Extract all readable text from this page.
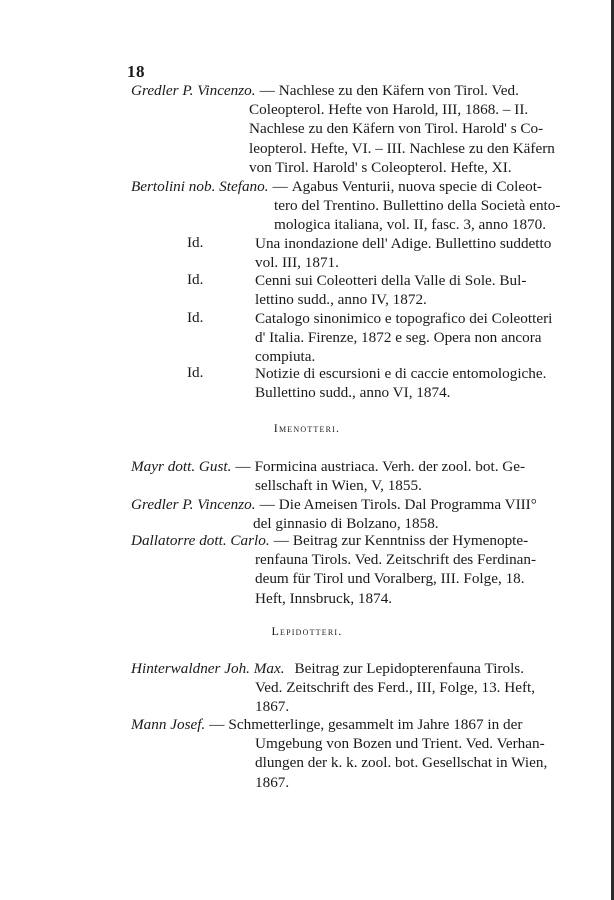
18
Gredler P. Vincenzo. — Nachlese zu den Käfern von Tirol. Ved.
Coleopterol. Hefte von Harold, III, 1868. – II.
Nachlese zu den Käfern von Tirol. Harold' s Co-
leopterol. Hefte, VI. – III. Nachlese zu den Käfern
von Tirol. Harold' s Coleopterol. Hefte, XI.
Bertolini nob. Stefano. — Agabus Venturii, nuova specie di Coleot-
tero del Trentino. Bullettino della Società ento-
mologica italiana, vol. II, fasc. 3, anno 1870.
Id.	Una inondazione dell' Adige. Bullettino suddetto
vol. III, 1871.
Id.	Cenni sui Coleotteri della Valle di Sole. Bul-
lettino sudd., anno IV, 1872.
Id.	Catalogo sinonimico e topografico dei Coleotteri
d' Italia. Firenze, 1872 e seg. Opera non ancora
compiuta.
Id.	Notizie di escursioni e di caccie entomologiche.
Bullettino sudd., anno VI, 1874.
Imenotteri.
Mayr dott. Gust. — Formicina austriaca. Verh. der zool. bot. Ge-
sellschaft in Wien, V, 1855.
Gredler P. Vincenzo. — Die Ameisen Tirols. Dal Programma VIII°
del ginnasio di Bolzano, 1858.
Dallatorre dott. Carlo. — Beitrag zur Kenntniss der Hymenopte-
renfauna Tirols. Ved. Zeitschrift des Ferdinan-
deum für Tirol und Voralberg, III. Folge, 18.
Heft, Innsbruck, 1874.
Lepidotteri.
Hinterwaldner Joh. Max. Beitrag zur Lepidopterenfauna Tirols.
Ved. Zeitschrift des Ferd., III, Folge, 13. Heft,
1867.
Mann Josef. — Schmetterlinge, gesammelt im Jahre 1867 in der
Umgebung von Bozen und Trient. Ved. Verhan-
dlungen der k. k. zool. bot. Gesellschat in Wien,
1867.
